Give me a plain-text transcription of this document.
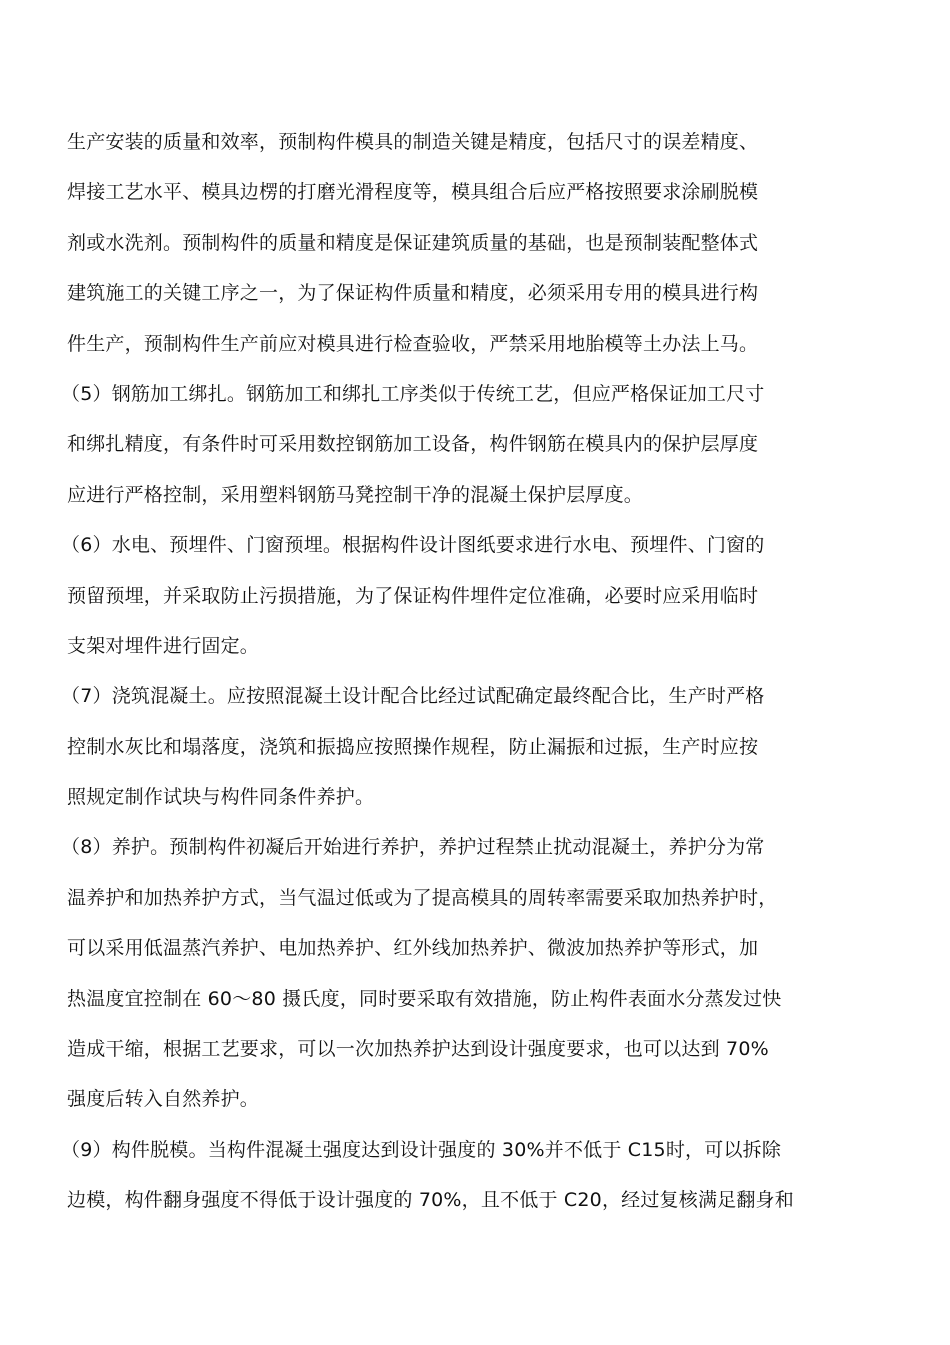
生产安装的质量和效率，预制构件模具的制造关键是精度，包括尺寸的误差精度、
焊接工艺水平、模具边楞的打磨光滑程度等，模具组合后应严格按照要求涂刷脱模
剂或水洗剂。预制构件的质量和精度是保证建筑质量的基础，也是预制装配整体式
建筑施工的关键工序之一，为了保证构件质量和精度，必须采用专用的模具进行构
件生产，预制构件生产前应对模具进行检查验收，严禁采用地胎模等土办法上马。
（5）钢筋加工绑扎。钢筋加工和绑扎工序类似于传统工艺，但应严格保证加工尺寸
和绑扎精度，有条件时可采用数控钢筋加工设备，构件钢筋在模具内的保护层厚度
应进行严格控制，采用塑料钢筋马凳控制干净的混凝土保护层厚度。
（6）水电、预埋件、门窗预埋。根据构件设计图纸要求进行水电、预埋件、门窗的
预留预埋，并采取防止污损措施，为了保证构件埋件定位准确，必要时应采用临时
支架对埋件进行固定。
（7）浇筑混凝土。应按照混凝土设计配合比经过试配确定最终配合比，生产时严格
控制水灰比和塌落度，浇筑和振捣应按照操作规程，防止漏振和过振，生产时应按
照规定制作试块与构件同条件养护。
（8）养护。预制构件初凝后开始进行养护，养护过程禁止扰动混凝土，养护分为常
温养护和加热养护方式，当气温过低或为了提高模具的周转率需要采取加热养护时，
可以采用低温蒸汽养护、电加热养护、红外线加热养护、微波加热养护等形式，加
热温度宜控制在 60～80 摄氏度，同时要采取有效措施，防止构件表面水分蒸发过快
造成干缩，根据工艺要求，可以一次加热养护达到设计强度要求，也可以达到 70%
强度后转入自然养护。
（9）构件脱模。当构件混凝土强度达到设计强度的 30%并不低于 C15时，可以拆除
边模，构件翻身强度不得低于设计强度的 70%，且不低于 C20，经过复核满足翻身和
